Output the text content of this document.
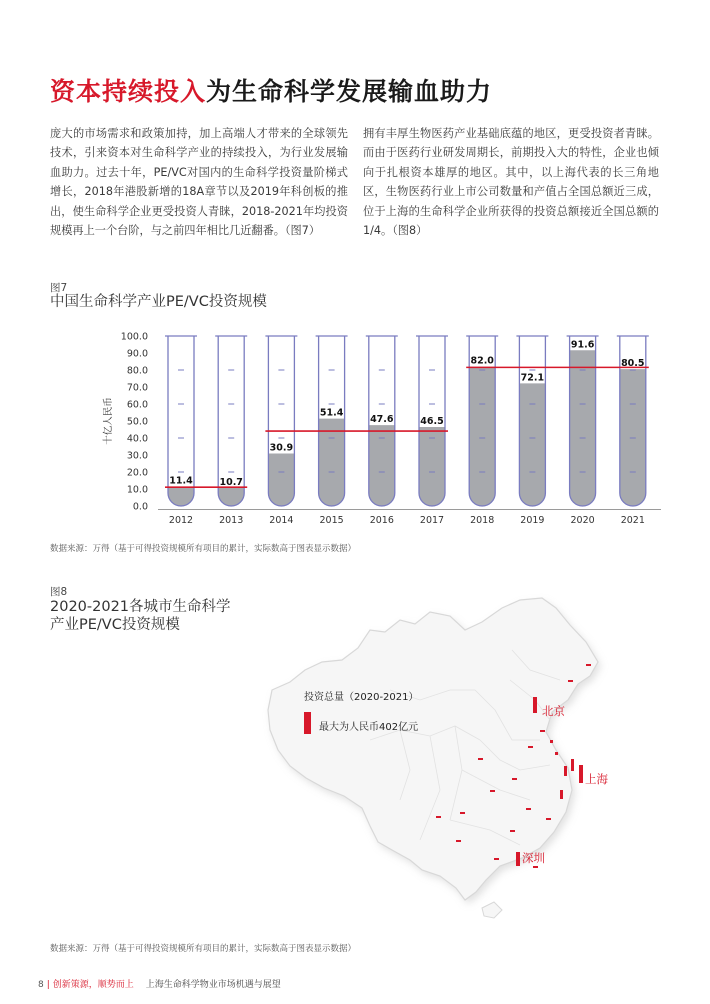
资本持续投入为生命科学发展输血助力

庞大的市场需求和政策加持，加上高端人才带来的全球领先技术，引来资本对生命科学产业的持续投入，为行业发展输血助力。过去十年，PE/VC对国内的生命科学投资量阶梯式增长，2018年港股新增的18A章节以及2019年科创板的推出，使生命科学企业更受投资人青睐，2018-2021年均投资规模再上一个台阶，与之前四年相比几近翻番。（图7）

拥有丰厚生物医药产业基础底蕴的地区，更受投资者青睐。而由于医药行业研发周期长，前期投入大的特性，企业也倾向于扎根资本雄厚的地区。其中，以上海代表的长三角地区，生物医药行业上市公司数量和产值占全国总额近三成，位于上海的生命科学企业所获得的投资总额接近全国总额的1/4。（图8）

图7

中国生命科学产业PE/VC投资规模

0.0
10.0
20.0
30.0
40.0
50.0
60.0
70.0
80.0
90.0
100.0
十亿人民币
11.4
2012
10.7
2013
30.9
2014
51.4
2015
47.6
2016
46.5
2017
82.0
2018
72.1
2019
91.6
2020
80.5
2021

数据来源：万得（基于可得投资规模所有项目的累计，实际数高于图表显示数据）

图8

2020-2021各城市生命科学

产业PE/VC投资规模

投资总量（2020-2021）
最大为人民币402亿元
北京
上海
深圳

数据来源：万得（基于可得投资规模所有项目的累计，实际数高于图表显示数据）

8 | 创新策源，顺势而上 上海生命科学物业市场机遇与展望
